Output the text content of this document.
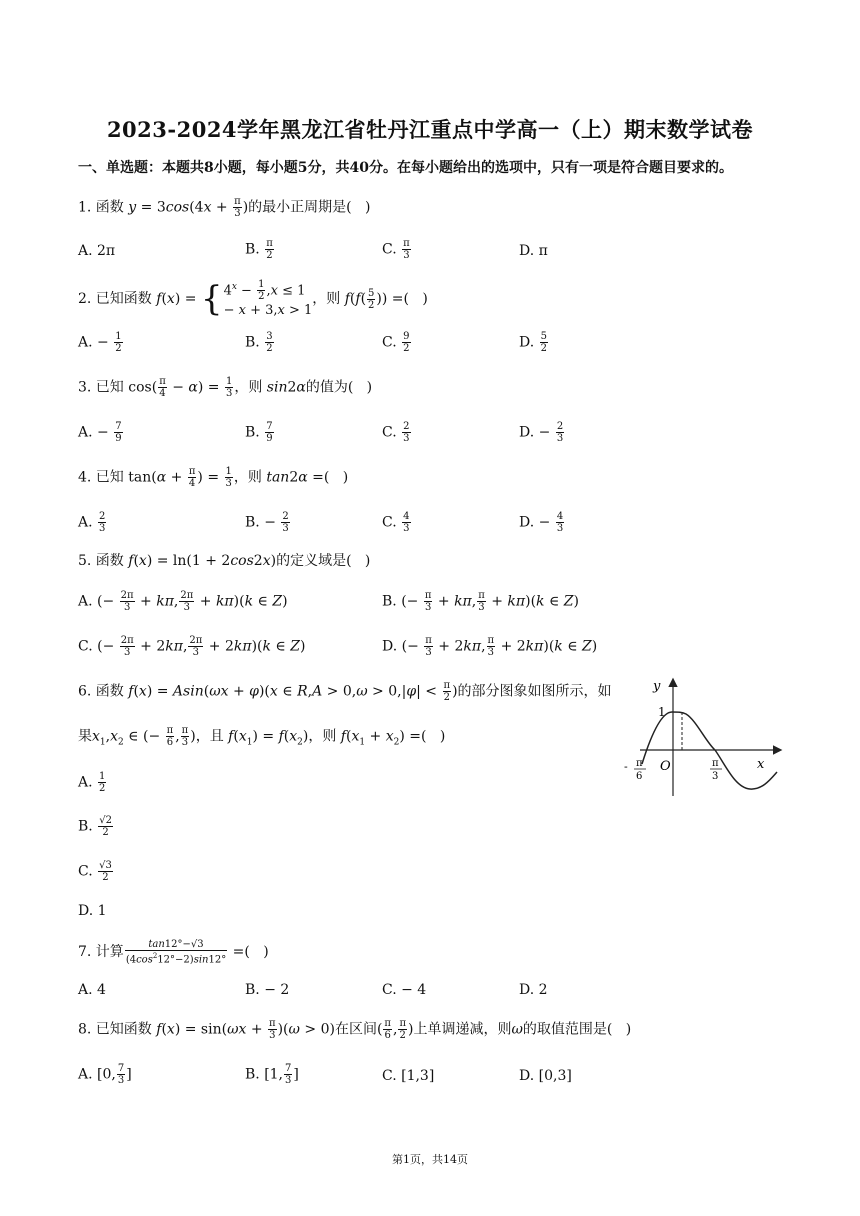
2023-2024学年黑龙江省牡丹江重点中学高一（上）期末数学试卷
一、单选题：本题共8小题，每小题5分，共40分。在每小题给出的选项中，只有一项是符合题目要求的。
1. 函数 $y = 3\cos(4x + \frac{\pi}{3}$ )的最小正周期是(   )
A. 2π	B. $\frac{\pi}{2}$	C. $\frac{\pi}{3}$	D. π
2. 已知函数 f(x) = { $4^x - \frac{1}{2} ,x \le 1$
− x + 3,x > 1
，则 $f(f( \frac{5}{2}$ )) =(   )
A. − $\frac{1}{2}$	B. $\frac{3}{2}$	C. $\frac{9}{2}$	D. $\frac{5}{2}$
3. 已知 $\cos( \frac{\pi}{4} - \alpha) = \frac{1}{3}$ ，则 sin2α的值为(   )
A. − $\frac{7}{9}$	B. $\frac{7}{9}$	C. $\frac{2}{3}$	D. − $\frac{2}{3}$
4. 已知 $\tan(\alpha + \frac{\pi}{4}$ ) = $\frac{1}{3}$ ，则 tan2α =(   )
A. $\frac{2}{3}$	B. − $\frac{2}{3}$	C. $\frac{4}{3}$	D. − $\frac{4}{3}$
5. 函数 f(x) = ln(1 + 2cos2x)的定义域是(   )
A. (− $\frac{2\pi}{3} + k\pi$, $\frac{2\pi}{3} + k\pi)(k$ ∈ Z)	B. (− $\frac{\pi}{3} + k\pi$, $\frac{\pi}{3} + k\pi)(k$ ∈ Z)
C. (− $\frac{2\pi}{3} + 2k\pi$, $\frac{2\pi}{3} + 2k\pi)(k$ ∈ Z)	D. (− $\frac{\pi}{3} + 2k\pi$, $\frac{\pi}{3} + 2k\pi)(k$ ∈ Z)
6. 函数 f(x) = Asin(ωx + φ)(x ∈ $R,A > 0,\omega > 0,|\varphi| < \frac{\pi}{2}$ )的部分图象如图所示，如
果$x_1,x_2$ ∈ (− $\frac{\pi}{6}$ , $\frac{\pi}{3}$ )，且 $f(x_1) = f(x_2)$，则 $f(x_1 + x_2)$ =(   )
A. $\frac{1}{2}$
B. $\frac{√2}{2}$
C. $\frac{√3}{2}$
D. 1
y
x
1
O
- π
6
π
3
7. 计算 $\frac{\tan 12^\circ-√3}{(4\cos^212^\circ-2)\sin 12^\circ}$ =(   )
A. 4	B. − 2	C. − 4	D. 2
8. 已知函数 $f(x) = \sin(\omega x + \frac{\pi}{3} )(\omega > 0)$在区间( $\frac{\pi}{6}$ , $\frac{\pi}{2}$ )上单调递减，则ω的取值范围是(   )
A. [0, $\frac{7}{3}$ ]	B. [1, $\frac{7}{3}$ ]	C. [1,3]	D. [0,3]
第1页，共14页
